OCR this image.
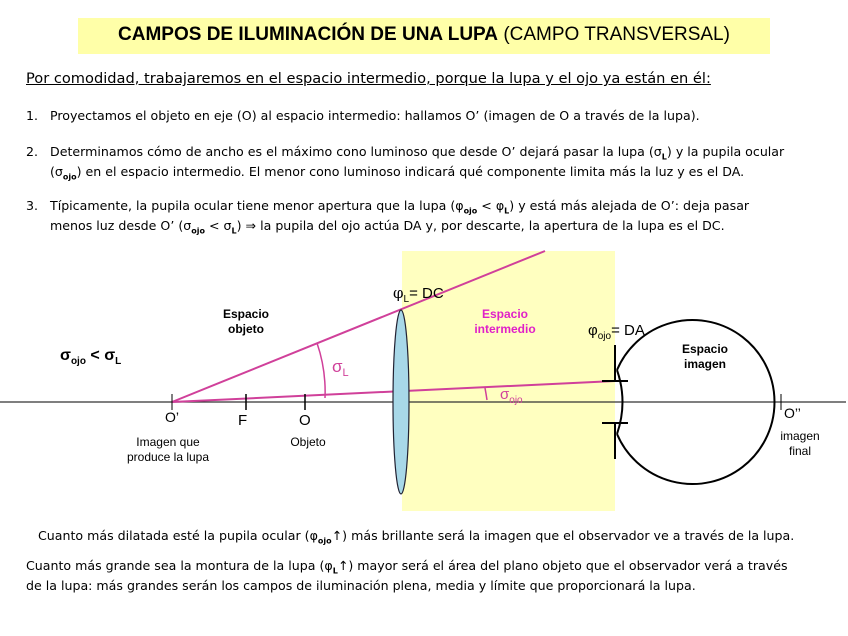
CAMPOS DE ILUMINACIÓN DE UNA LUPA (CAMPO TRANSVERSAL)
Por comodidad, trabajaremos en el espacio intermedio, porque la lupa y el ojo ya están en él:
1. Proyectamos el objeto en eje (O) al espacio intermedio: hallamos O’ (imagen de O a través de la lupa).
2. Determinamos cómo de ancho es el máximo cono luminoso que desde O’ dejará pasar la lupa $(\sigma_L)$ y la pupila ocular
$(\sigma_{ojo})$ en el espacio intermedio. El menor cono luminoso indicará qué componente limita más la luz y es el DA.
3. Típicamente, la pupila ocular tiene menor apertura que la lupa $(\varphi_{ojo} < \varphi_L)$ y está más alejada de O’: deja pasar
menos luz desde O’ $(\sigma_{ojo} < \sigma_L)$ ⇒ la pupila del ojo actúa DA y, por descarte, la apertura de la lupa es el DC.
$\varphi_L=$ DC
$\varphi_{ojo}=$ DA
Espacio objeto
Espacio intermedio
Espacio imagen
$\sigma_{ojo} < \sigma_L$	$\sigma_L$
$\sigma_{ojo}$
O’	F	O	O’’
Imagen que produce la lupa
Objeto	imagen final
Cuanto más dilatada esté la pupila ocular $(\varphi_{ojo}↑)$ más brillante será la imagen que el observador ve a través de la lupa.
Cuanto más grande sea la montura de la lupa $(\varphi_L↑)$ mayor será el área del plano objeto que el observador verá a través
de la lupa: más grandes serán los campos de iluminación plena, media y límite que proporcionará la lupa.
